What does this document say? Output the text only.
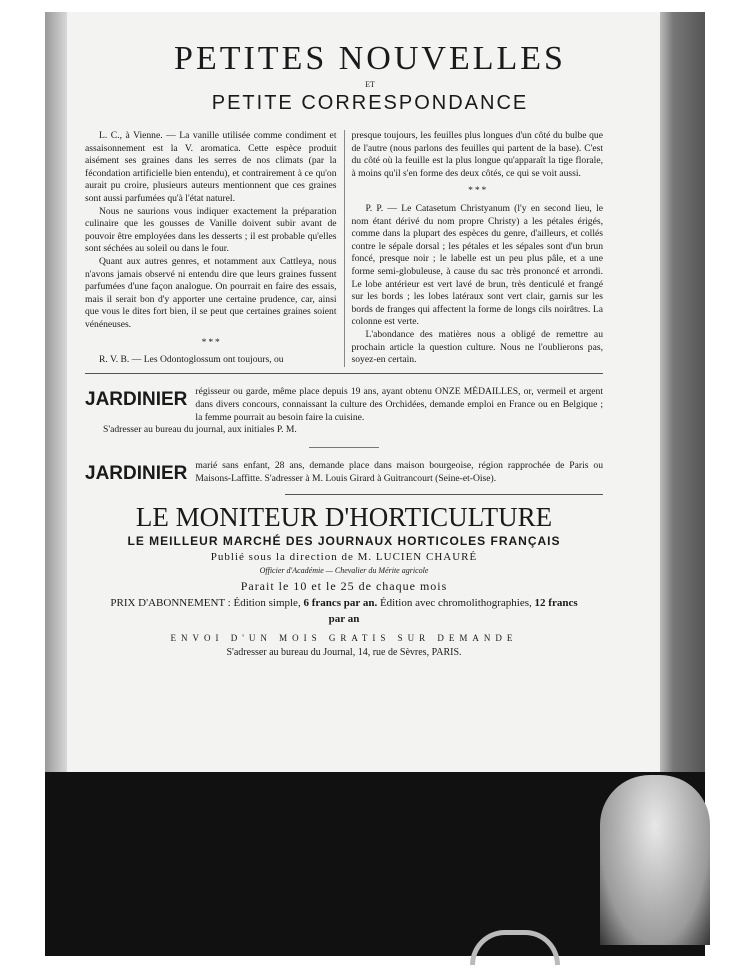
PETITES NOUVELLES
ET
PETITE CORRESPONDANCE

L. C., à Vienne. — La vanille utilisée comme condiment et assaisonnement est la V. aromatica. Cette espèce produit aisément ses graines dans les serres de nos climats (par la fécondation artificielle bien entendu), et contrairement à ce qu'on aurait pu croire, plusieurs auteurs mentionnent que ces graines sont aussi parfumées qu'à l'état naturel.

Nous ne saurions vous indiquer exactement la préparation culinaire que les gousses de Vanille doivent subir avant de pouvoir être employées dans les desserts ; il est probable qu'elles sont séchées au soleil ou dans le four.

Quant aux autres genres, et notamment aux Cattleya, nous n'avons jamais observé ni entendu dire que leurs graines fussent parfumées d'une façon analogue. On pourrait en faire des essais, mais il serait bon d'y apporter une certaine prudence, car, ainsi que vous le dites fort bien, il se peut que certaines graines soient vénéneuses.

* * *

R. V. B. — Les Odontoglossum ont toujours, ou

presque toujours, les feuilles plus longues d'un côté du bulbe que de l'autre (nous parlons des feuilles qui partent de la base). C'est du côté où la feuille est la plus longue qu'apparaît la tige florale, à moins qu'il s'en forme des deux côtés, ce qui se voit aussi.

* * *

P. P. — Le Catasetum Christyanum (l'y en second lieu, le nom étant dérivé du nom propre Christy) a les pétales érigés, comme dans la plupart des espèces du genre, d'ailleurs, et collés contre le sépale dorsal ; les pétales et les sépales sont d'un brun foncé, presque noir ; le labelle est un peu plus pâle, et a une forme semi-globuleuse, à cause du sac très prononcé et arrondi. Le lobe antérieur est vert lavé de brun, très denticulé et frangé sur les bords ; les lobes latéraux sont vert clair, garnis sur les bords de franges qui affectent la forme de longs cils noirâtres. La colonne est verte.

L'abondance des matières nous a obligé de remettre au prochain article la question culture. Nous ne l'oublierons pas, soyez-en certain.

JARDINIER régisseur ou garde, même place depuis 19 ans, ayant obtenu ONZE MÉDAILLES, or, vermeil et argent dans divers concours, connaissant la culture des Orchidées, demande emploi en France ou en Belgique ; la femme pourrait au besoin faire la cuisine.
S'adresser au bureau du journal, aux initiales P. M.
JARDINIER marié sans enfant, 28 ans, demande place dans maison bourgeoise, région rapprochée de Paris ou Maisons-Laffitte. S'adresser à M. Louis Girard à Guitrancourt (Seine-et-Oise).
LE MONITEUR D'HORTICULTURE
LE MEILLEUR MARCHÉ DES JOURNAUX HORTICOLES FRANÇAIS
Publié sous la direction de M. LUCIEN CHAURÉ
Officier d'Académie — Chevalier du Mérite agricole
Parait le 10 et le 25 de chaque mois
PRIX D'ABONNEMENT : Édition simple, 6 francs par an. Édition avec chromolithographies, 12 francs par an
ENVOI D'UN MOIS GRATIS SUR DEMANDE
S'adresser au bureau du Journal, 14, rue de Sèvres, PARIS.
